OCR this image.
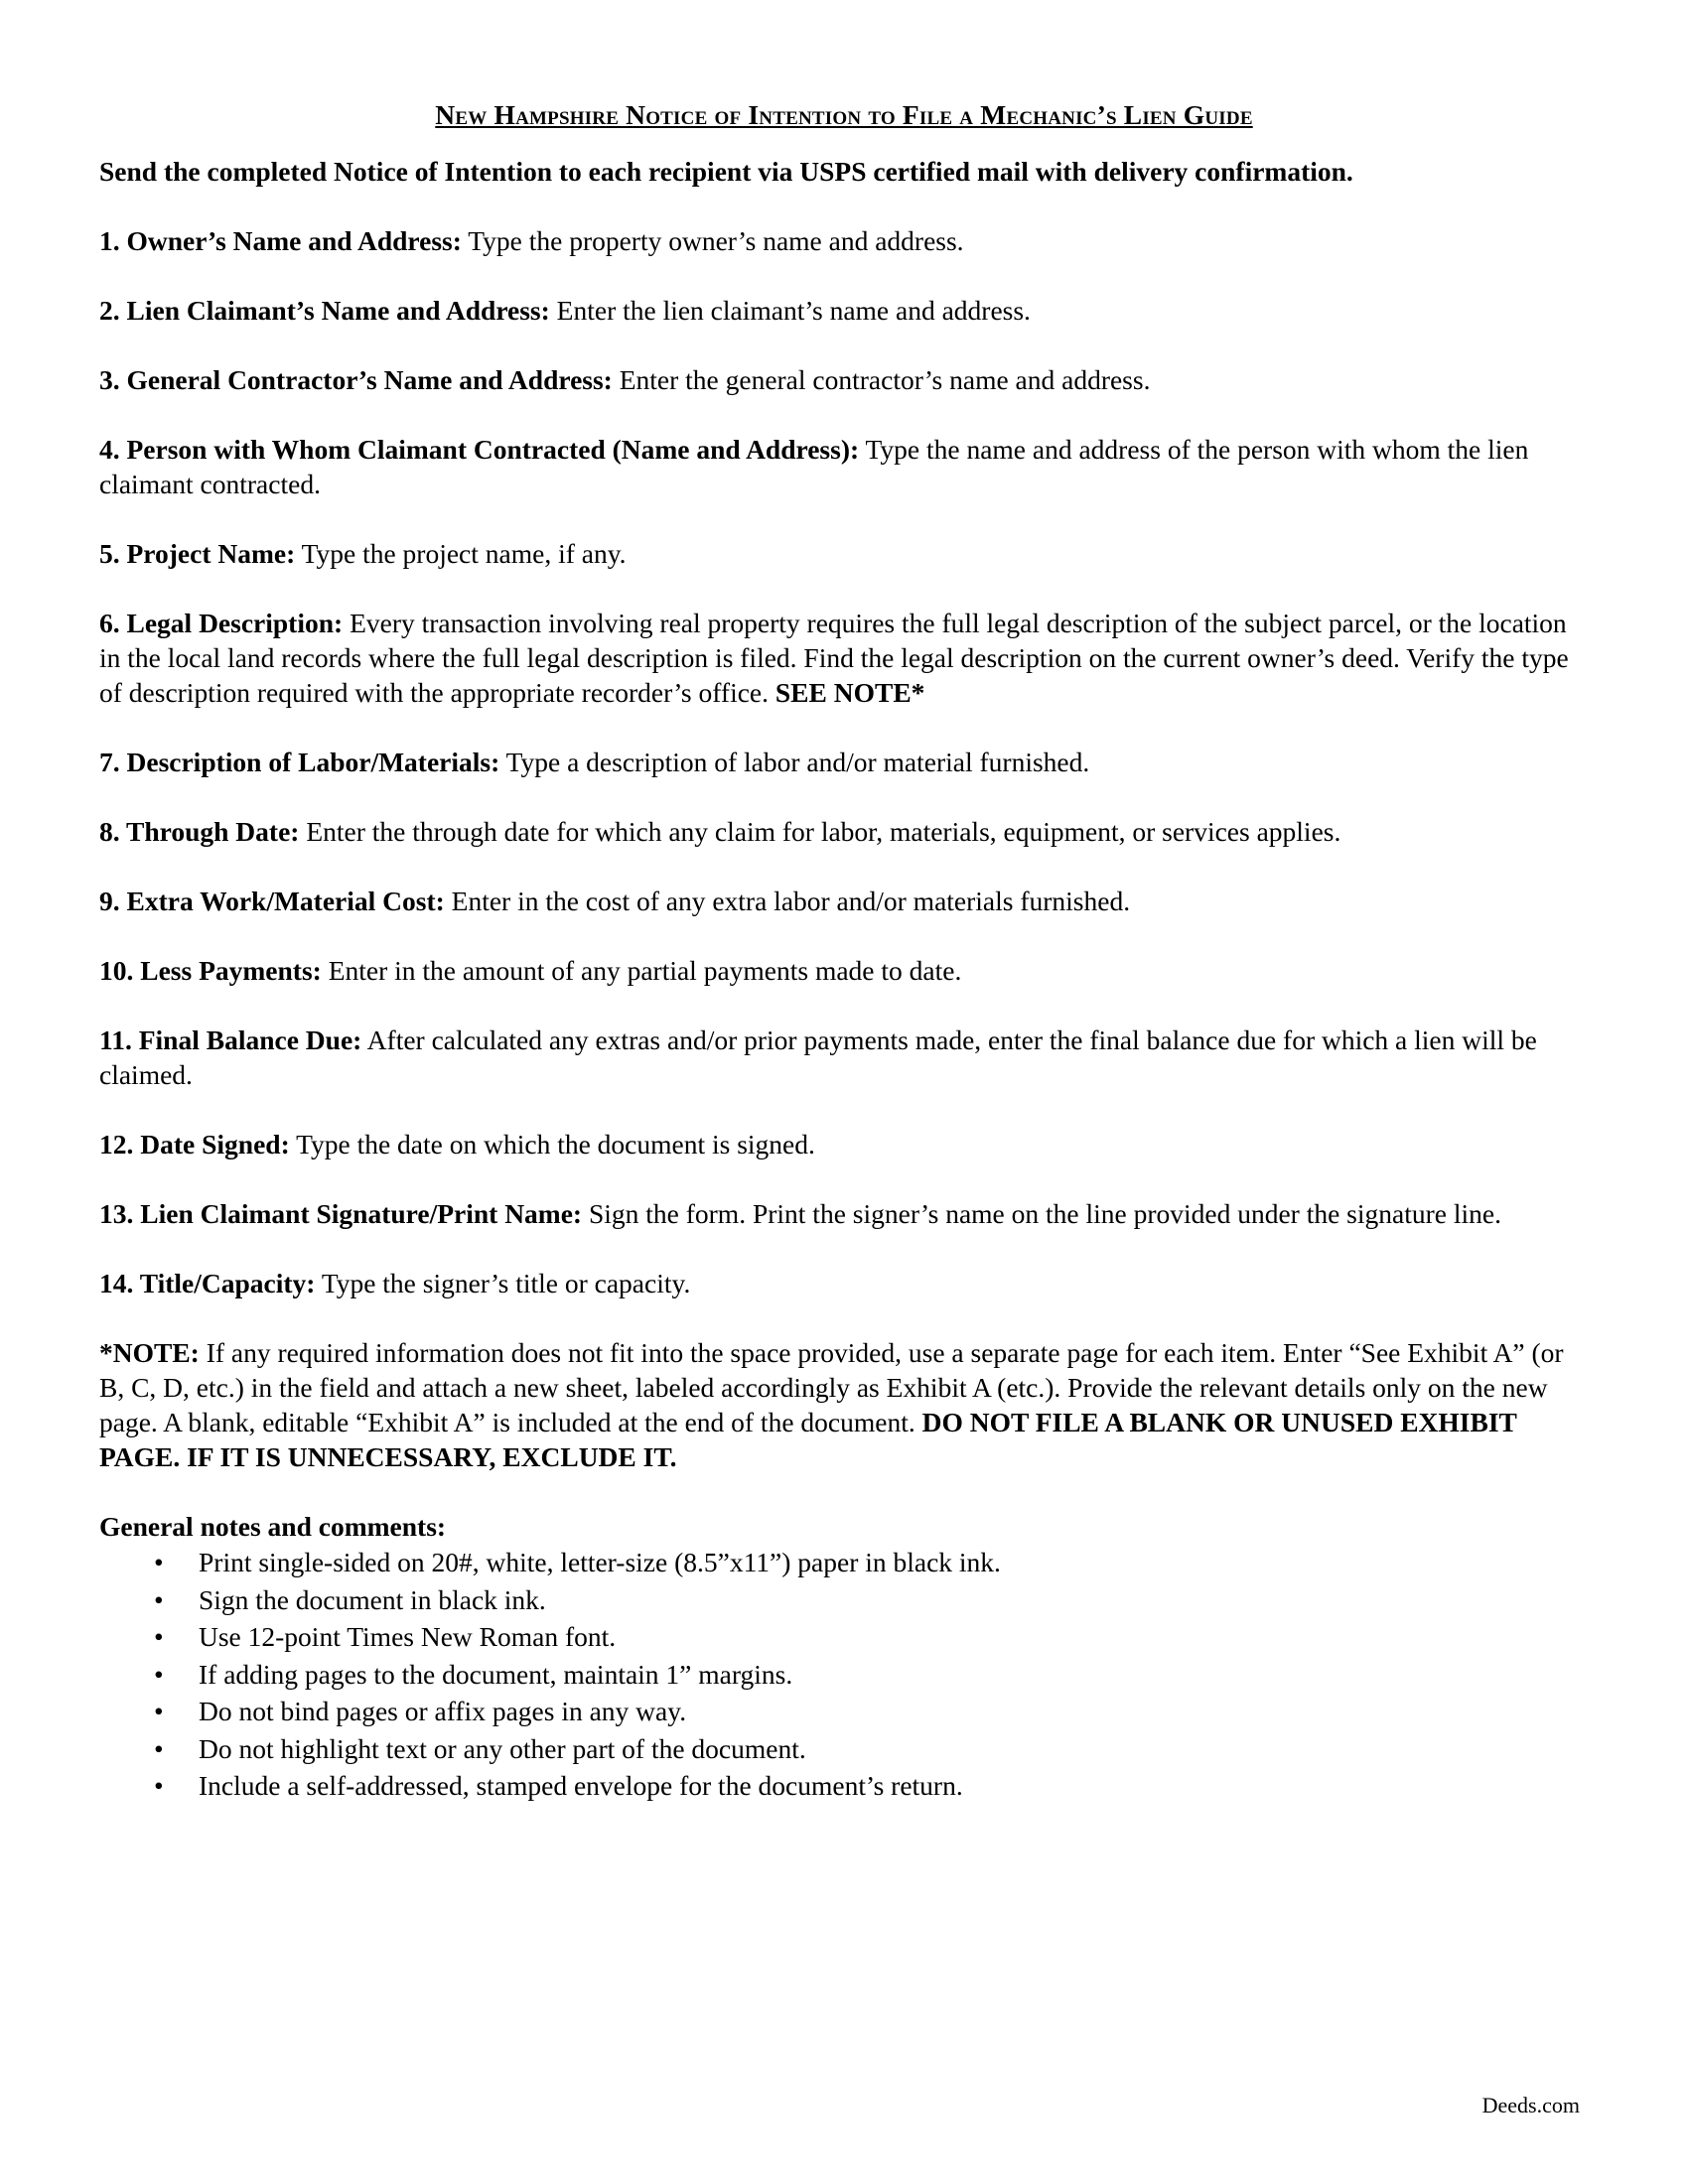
New Hampshire Notice of Intention to File a Mechanic’s Lien Guide

Send the completed Notice of Intention to each recipient via USPS certified mail with delivery confirmation.

1. Owner’s Name and Address: Type the property owner’s name and address.

2. Lien Claimant’s Name and Address: Enter the lien claimant’s name and address.

3. General Contractor’s Name and Address: Enter the general contractor’s name and address.

4. Person with Whom Claimant Contracted (Name and Address): Type the name and address of the person with whom the lien claimant contracted.

5. Project Name: Type the project name, if any.

6. Legal Description: Every transaction involving real property requires the full legal description of the subject parcel, or the location in the local land records where the full legal description is filed. Find the legal description on the current owner’s deed. Verify the type of description required with the appropriate recorder’s office. SEE NOTE*

7. Description of Labor/Materials: Type a description of labor and/or material furnished.

8. Through Date: Enter the through date for which any claim for labor, materials, equipment, or services applies.

9. Extra Work/Material Cost: Enter in the cost of any extra labor and/or materials furnished.

10. Less Payments: Enter in the amount of any partial payments made to date.

11. Final Balance Due: After calculated any extras and/or prior payments made, enter the final balance due for which a lien will be claimed.

12. Date Signed: Type the date on which the document is signed.

13. Lien Claimant Signature/Print Name: Sign the form. Print the signer’s name on the line provided under the signature line.

14. Title/Capacity: Type the signer’s title or capacity.

*NOTE: If any required information does not fit into the space provided, use a separate page for each item. Enter “See Exhibit A” (or B, C, D, etc.) in the field and attach a new sheet, labeled accordingly as Exhibit A (etc.). Provide the relevant details only on the new page. A blank, editable “Exhibit A” is included at the end of the document. DO NOT FILE A BLANK OR UNUSED EXHIBIT PAGE. IF IT IS UNNECESSARY, EXCLUDE IT.

General notes and comments:

• Print single-sided on 20#, white, letter-size (8.5”x11”) paper in black ink.
• Sign the document in black ink.
• Use 12-point Times New Roman font.
• If adding pages to the document, maintain 1” margins.
• Do not bind pages or affix pages in any way.
• Do not highlight text or any other part of the document.
• Include a self-addressed, stamped envelope for the document’s return.
Deeds.com
